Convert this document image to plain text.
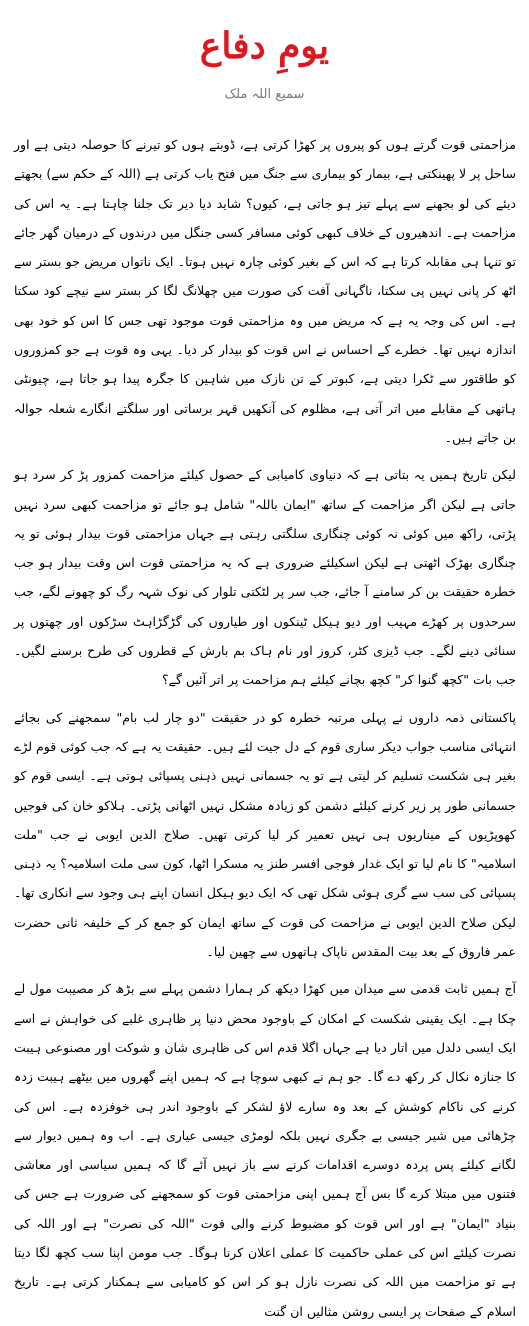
یومِ دفاع
سمیع اللہ ملک

مزاحمتی قوت گرتے ہوں کو پیروں پر کھڑا کرتی ہے، ڈوبتے ہوں کو تیرنے کا حوصلہ دیتی ہے اور ساحل پر لا پھینکتی ہے، بیمار کو بیماری سے جنگ میں فتح یاب کرتی ہے (اللہ کے حکم سے) بجھتے دیئے کی لو بجھنے سے پہلے تیز ہو جاتی ہے، کیوں؟ شاید دیا دیر تک جلنا چاہتا ہے۔ یہ اس کی مزاحمت ہے۔ اندھیروں کے خلاف کبھی کوئی مسافر کسی جنگل میں درندوں کے درمیان گھر جائے تو تنہا ہی مقابلہ کرتا ہے کہ اس کے بغیر کوئی چارہ نہیں ہوتا۔ ایک ناتواں مریض جو بستر سے اٹھ کر پانی نہیں پی سکتا، ناگہانی آفت کی صورت میں چھلانگ لگا کر بستر سے نیچے کود سکتا ہے۔ اس کی وجہ یہ ہے کہ مریض میں وہ مزاحمتی قوت موجود تھی جس کا اس کو خود بھی اندازہ نہیں تھا۔ خطرے کے احساس نے اس قوت کو بیدار کر دیا۔ یہی وہ قوت ہے جو کمزوروں کو طاقتور سے ٹکرا دیتی ہے، کبوتر کے تن نازک میں شاہین کا جگرہ پیدا ہو جاتا ہے، چیونٹی ہاتھی کے مقابلے میں اتر آتی ہے، مظلوم کی آنکھیں قہر برساتی اور سلگتے انگارے شعلہ جوالہ بن جاتے ہیں۔

لیکن تاریخ ہمیں یہ بتاتی ہے کہ دنیاوی کامیابی کے حصول کیلئے مزاحمت کمزور پڑ کر سرد ہو جاتی ہے لیکن اگر مزاحمت کے ساتھ "ایمان باللہ" شامل ہو جائے تو مزاحمت کبھی سرد نہیں پڑتی، راکھ میں کوئی نہ کوئی چنگاری سلگتی رہتی ہے جہاں مزاحمتی قوت بیدار ہوئی تو یہ چنگاری بھڑک اٹھتی ہے لیکن اسکیلئے ضروری ہے کہ یہ مزاحمتی قوت اس وقت بیدار ہو جب خطرہ حقیقت بن کر سامنے آ جائے، جب سر پر لٹکتی تلوار کی نوک شہہ رگ کو چھونے لگے، جب سرحدوں پر کھڑے مہیب اور دیو ہیکل ٹینکوں اور طیاروں کی گڑگڑاہٹ سڑکوں اور چھتوں پر سنائی دینے لگے۔ جب ڈیزی کٹر، کروز اور نام ہاک بم بارش کے قطروں کی طرح برسنے لگیں۔ جب بات "کچھ گنوا کر" کچھ بچانے کیلئے ہم مزاحمت پر اتر آئیں گے؟

پاکستانی ذمہ داروں نے پہلی مرتبہ خطرہ کو در حقیقت "دو چار لب بام" سمجھنے کی بجائے انتہائی مناسب جواب دیکر ساری قوم کے دل جیت لئے ہیں۔ حقیقت یہ ہے کہ جب کوئی قوم لڑے بغیر ہی شکست تسلیم کر لیتی ہے تو یہ جسمانی نہیں ذہنی پسپائی ہوتی ہے۔ ایسی قوم کو جسمانی طور پر زیر کرنے کیلئے دشمن کو زیادہ مشکل نہیں اٹھانی پڑتی۔ ہلاکو خان کی فوجیں کھوپڑیوں کے میناریوں ہی نہیں تعمیر کر لیا کرتی تھیں۔ صلاح الدین ایوبی نے جب "ملت اسلامیہ" کا نام لیا تو ایک غدار فوجی افسر طنز یہ مسکرا اٹھا، کون سی ملت اسلامیہ؟ یہ ذہنی پسپائی کی سب سے گری ہوئی شکل تھی کہ ایک دیو ہیکل انسان اپنے ہی وجود سے انکاری تھا۔ لیکن صلاح الدین ایوبی نے مزاحمت کی قوت کے ساتھ ایمان کو جمع کر کے خلیفہ ثانی حضرت عمر فاروق کے بعد بیت المقدس ناپاک ہاتھوں سے چھین لیا۔

آج ہمیں ثابت قدمی سے میدان میں کھڑا دیکھ کر ہمارا دشمن پہلے سے بڑھ کر مصیبت مول لے چکا ہے۔ ایک یقینی شکست کے امکان کے باوجود محض دنیا پر ظاہری غلبے کی خواہش نے اسے ایک ایسی دلدل میں اتار دیا ہے جہاں اگلا قدم اس کی ظاہری شان و شوکت اور مصنوعی ہیبت کا جنازہ نکال کر رکھ دے گا۔ جو ہم نے کبھی سوچا ہے کہ ہمیں اپنے گھروں میں بیٹھے ہیبت زدہ کرنے کی ناکام کوشش کے بعد وہ سارے لاؤ لشکر کے باوجود اندر ہی خوفزدہ ہے۔ اس کی چڑھائی میں شیر جیسی بے جگری نہیں بلکہ لومڑی جیسی عیاری ہے۔ اب وہ ہمیں دیوار سے لگانے کیلئے پس پردہ دوسرے اقدامات کرنے سے باز نہیں آئے گا کہ ہمیں سیاسی اور معاشی فتنوں میں مبتلا کرے گا بس آج ہمیں اپنی مزاحمتی قوت کو سمجھنے کی ضرورت ہے جس کی بنیاد "ایمان" ہے اور اس قوت کو مضبوط کرنے والی قوت "اللہ کی نصرت" ہے اور اللہ کی نصرت کیلئے اس کی عملی حاکمیت کا عملی اعلان کرنا ہوگا۔ جب مومن اپنا سب کچھ لگا دیتا ہے تو مزاحمت میں اللہ کی نصرت نازل ہو کر اس کو کامیابی سے ہمکنار کرتی ہے۔ تاریخ اسلام کے صفحات پر ایسی روشن مثالیں ان گنت
